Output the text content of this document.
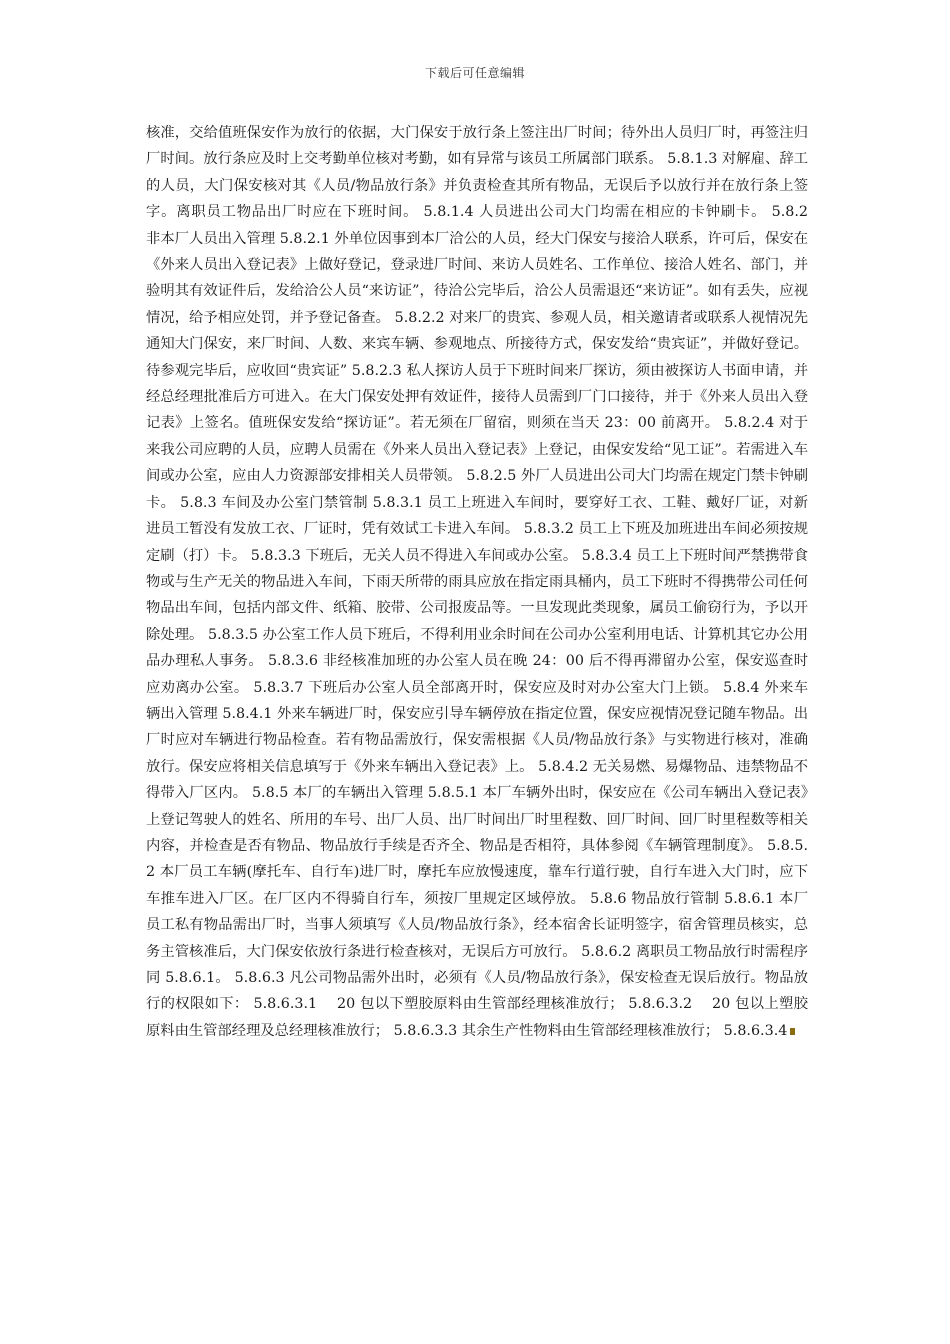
下载后可任意编辑

核准，交给值班保安作为放行的依据，大门保安于放行条上签注出厂时间；待外出人员归厂时，再签注归厂时间。放行条应及时上交考勤单位核对考勤，如有异常与该员工所属部门联系。 5.8.1.3 对解雇、辞工的人员，大门保安核对其《人员/物品放行条》并负责检查其所有物品，无误后予以放行并在放行条上签字。离职员工物品出厂时应在下班时间。 5.8.1.4 人员进出公司大门均需在相应的卡钟刷卡。 5.8.2　 非本厂人员出入管理 5.8.2.1 外单位因事到本厂洽公的人员，经大门保安与接洽人联系，许可后，保安在《外来人员出入登记表》上做好登记，登录进厂时间、来访人员姓名、工作单位、接洽人姓名、部门，并验明其有效证件后，发给洽公人员“来访证”，待洽公完毕后，洽公人员需退还“来访证”。如有丢失，应视情况，给予相应处罚，并予登记备查。 5.8.2.2 对来厂的贵宾、参观人员，相关邀请者或联系人视情况先通知大门保安，来厂时间、人数、来宾车辆、参观地点、所接待方式，保安发给“贵宾证”，并做好登记。待参观完毕后，应收回“贵宾证” 5.8.2.3 私人探访人员于下班时间来厂探访，须由被探访人书面申请，并经总经理批准后方可进入。在大门保安处押有效证件，接待人员需到厂门口接待，并于《外来人员出入登记表》上签名。值班保安发给“探访证”。若无须在厂留宿，则须在当天 23：00 前离开。 5.8.2.4 对于来我公司应聘的人员，应聘人员需在《外来人员出入登记表》上登记，由保安发给“见工证”。若需进入车间或办公室，应由人力资源部安排相关人员带领。 5.8.2.5 外厂人员进出公司大门均需在规定门禁卡钟刷卡。 5.8.3 车间及办公室门禁管制 5.8.3.1 员工上班进入车间时，要穿好工衣、工鞋、戴好厂证，对新进员工暂没有发放工衣、厂证时，凭有效试工卡进入车间。 5.8.3.2 员工上下班及加班进出车间必须按规定刷（打）卡。 5.8.3.3 下班后，无关人员不得进入车间或办公室。 5.8.3.4 员工上下班时间严禁携带食物或与生产无关的物品进入车间，下雨天所带的雨具应放在指定雨具桶内，员工下班时不得携带公司任何物品出车间，包括内部文件、纸箱、胶带、公司报废品等。一旦发现此类现象，属员工偷窃行为，予以开除处理。 5.8.3.5 办公室工作人员下班后，不得利用业余时间在公司办公室利用电话、计算机其它办公用品办理私人事务。 5.8.3.6 非经核准加班的办公室人员在晚 24：00 后不得再滞留办公室，保安巡查时应劝离办公室。 5.8.3.7 下班后办公室人员全部离开时，保安应及时对办公室大门上锁。 5.8.4 外来车辆出入管理 5.8.4.1 外来车辆进厂时，保安应引导车辆停放在指定位置，保安应视情况登记随车物品。出厂时应对车辆进行物品检查。若有物品需放行，保安需根据《人员/物品放行条》与实物进行核对，准确放行。保安应将相关信息填写于《外来车辆出入登记表》上。 5.8.4.2 无关易燃、易爆物品、违禁物品不得带入厂区内。 5.8.5 本厂的车辆出入管理 5.8.5.1 本厂车辆外出时，保安应在《公司车辆出入登记表》上登记驾驶人的姓名、所用的车号、出厂人员、出厂时间出厂时里程数、回厂时间、回厂时里程数等相关内容，并检查是否有物品、物品放行手续是否齐全、物品是否相符，具体参阅《车辆管理制度》。 5.8.5.2 本厂员工车辆(摩托车、自行车)进厂时，摩托车应放慢速度，靠车行道行驶，自行车进入大门时，应下车推车进入厂区。在厂区内不得骑自行车，须按厂里规定区域停放。 5.8.6 物品放行管制 5.8.6.1 本厂员工私有物品需出厂时，当事人须填写《人员/物品放行条》，经本宿舍长证明签字，宿舍管理员核实，总务主管核准后，大门保安依放行条进行检查核对，无误后方可放行。 5.8.6.2 离职员工物品放行时需程序同 5.8.6.1。 5.8.6.3 凡公司物品需外出时，必须有《人员/物品放行条》，保安检查无误后放行。物品放行的权限如下： 5.8.6.3.1　 20 包以下塑胶原料由生管部经理核准放行； 5.8.6.3.2　 20 包以上塑胶原料由生管部经理及总经理核准放行； 5.8.6.3.3 其余生产性物料由生管部经理核准放行； 5.8.6.3.4
